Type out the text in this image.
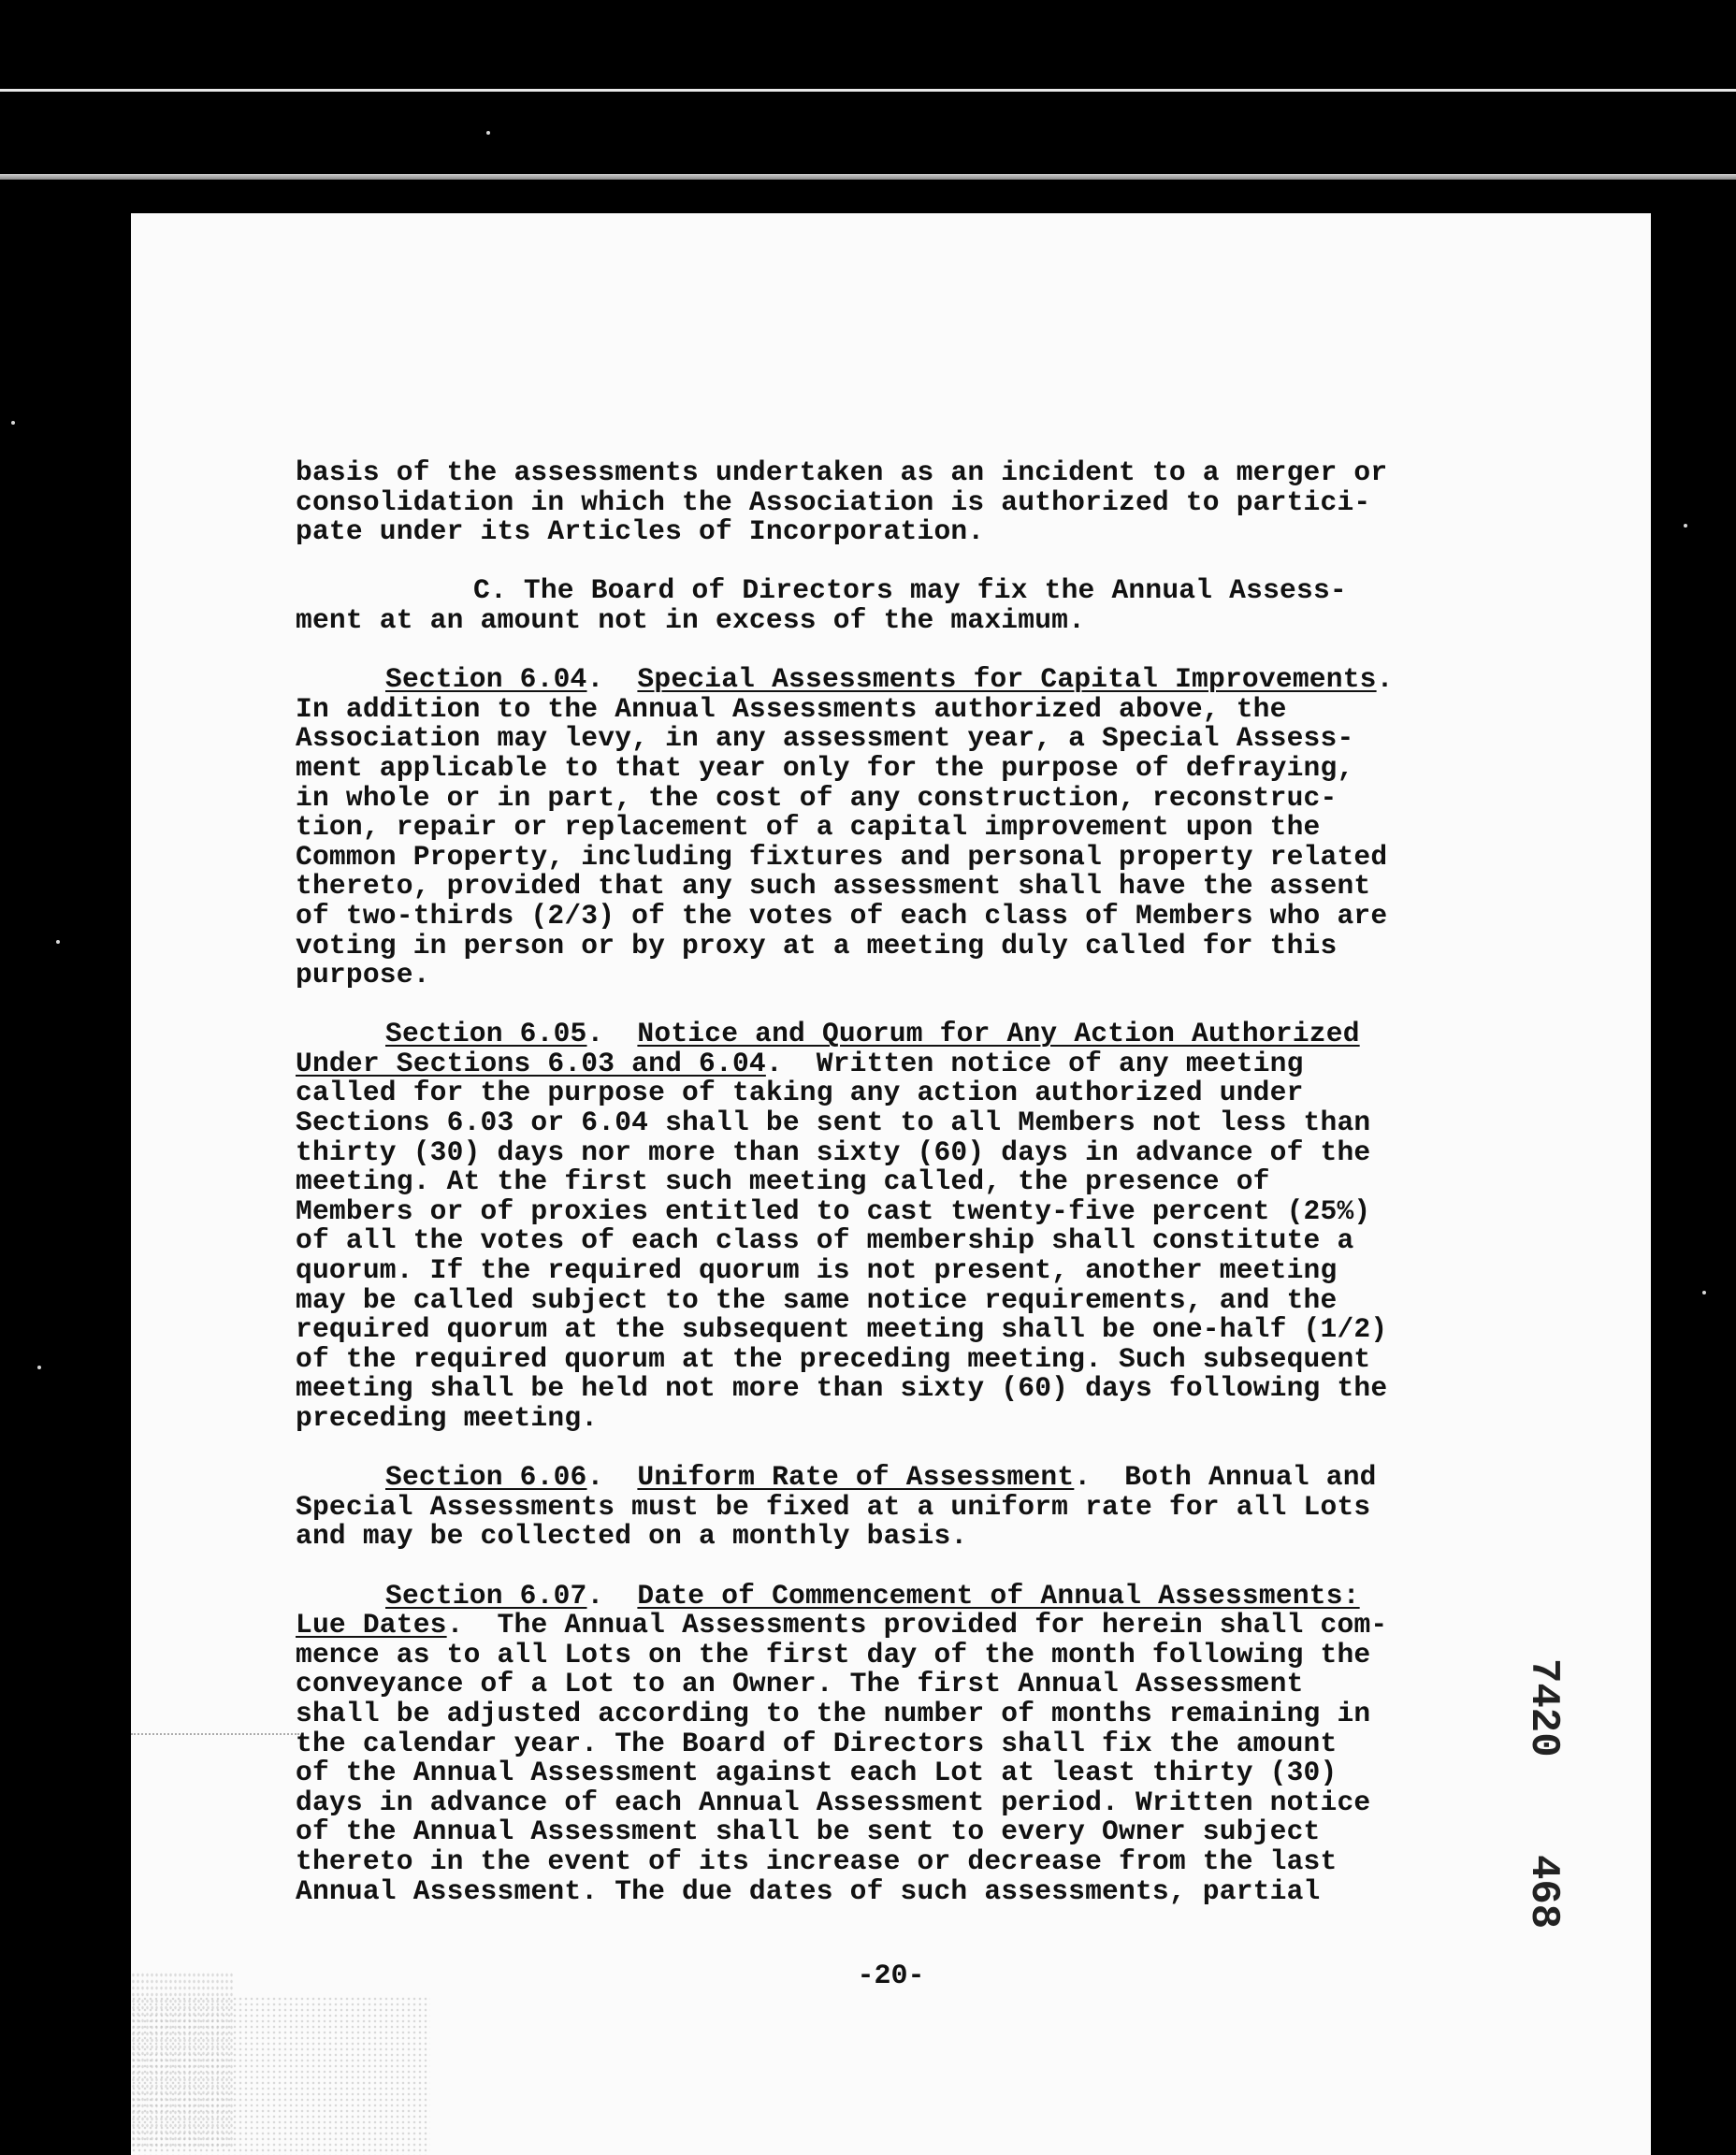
basis of the assessments undertaken as an incident to a merger or
consolidation in which the Association is authorized to partici-
pate under its Articles of Incorporation.

C. The Board of Directors may fix the Annual Assess-
ment at an amount not in excess of the maximum.

Section 6.04.  Special Assessments for Capital Improvements.
In addition to the Annual Assessments authorized above, the
Association may levy, in any assessment year, a Special Assess-
ment applicable to that year only for the purpose of defraying,
in whole or in part, the cost of any construction, reconstruc-
tion, repair or replacement of a capital improvement upon the
Common Property, including fixtures and personal property related
thereto, provided that any such assessment shall have the assent
of two-thirds (2/3) of the votes of each class of Members who are
voting in person or by proxy at a meeting duly called for this
purpose.

Section 6.05.  Notice and Quorum for Any Action Authorized
Under Sections 6.03 and 6.04.  Written notice of any meeting
called for the purpose of taking any action authorized under
Sections 6.03 or 6.04 shall be sent to all Members not less than
thirty (30) days nor more than sixty (60) days in advance of the
meeting. At the first such meeting called, the presence of
Members or of proxies entitled to cast twenty-five percent (25%)
of all the votes of each class of membership shall constitute a
quorum. If the required quorum is not present, another meeting
may be called subject to the same notice requirements, and the
required quorum at the subsequent meeting shall be one-half (1/2)
of the required quorum at the preceding meeting. Such subsequent
meeting shall be held not more than sixty (60) days following the
preceding meeting.

Section 6.06.  Uniform Rate of Assessment.  Both Annual and
Special Assessments must be fixed at a uniform rate for all Lots
and may be collected on a monthly basis.

Section 6.07.  Date of Commencement of Annual Assessments:
Lue Dates.  The Annual Assessments provided for herein shall com-
mence as to all Lots on the first day of the month following the
conveyance of a Lot to an Owner. The first Annual Assessment
shall be adjusted according to the number of months remaining in
the calendar year. The Board of Directors shall fix the amount
of the Annual Assessment against each Lot at least thirty (30)
days in advance of each Annual Assessment period. Written notice
of the Annual Assessment shall be sent to every Owner subject
thereto in the event of its increase or decrease from the last
Annual Assessment. The due dates of such assessments, partial

-20-
7420
468
